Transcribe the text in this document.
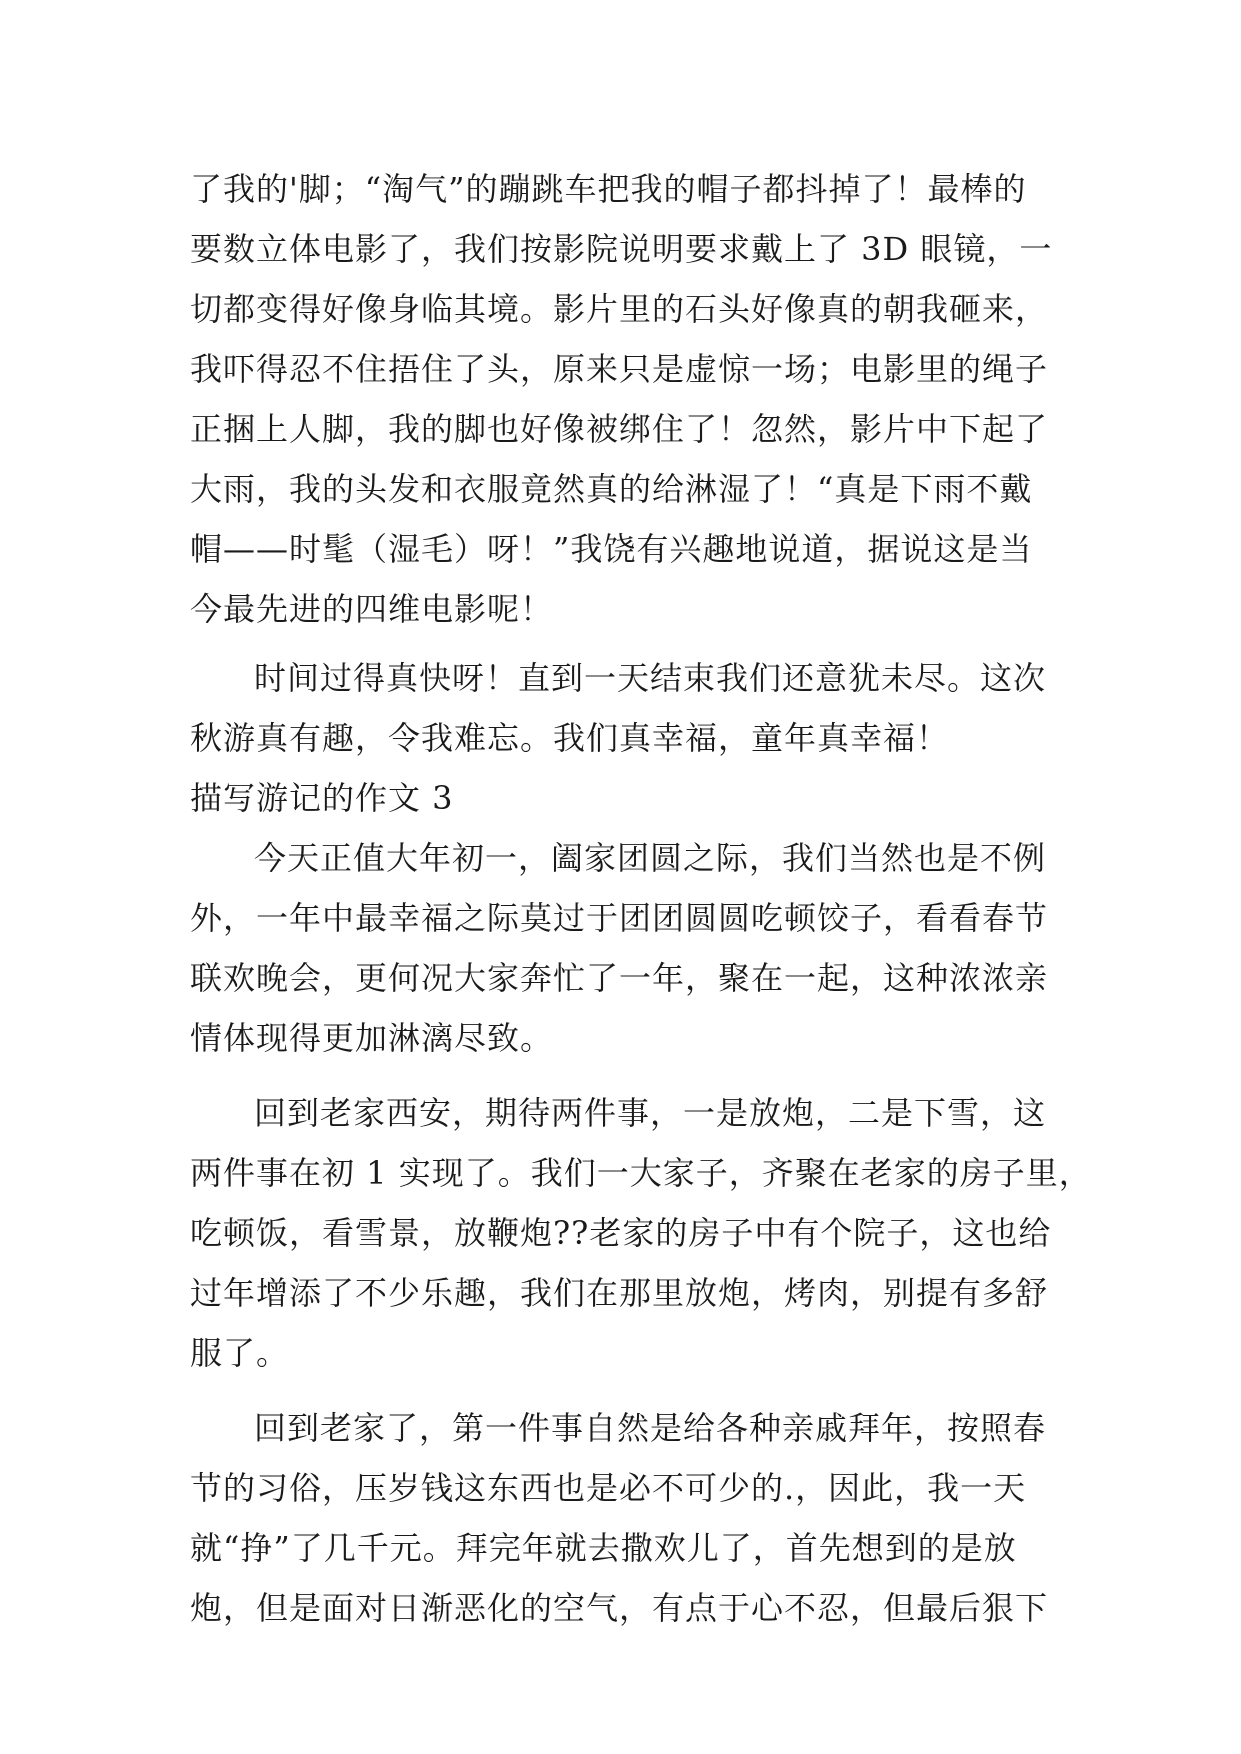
了我的'脚；“淘气”的蹦跳车把我的帽子都抖掉了！最棒的
要数立体电影了，我们按影院说明要求戴上了 3D 眼镜，一
切都变得好像身临其境。影片里的石头好像真的朝我砸来，
我吓得忍不住捂住了头，原来只是虚惊一场；电影里的绳子
正捆上人脚，我的脚也好像被绑住了！忽然，影片中下起了
大雨，我的头发和衣服竟然真的给淋湿了！“真是下雨不戴
帽——时髦（湿毛）呀！”我饶有兴趣地说道，据说这是当
今最先进的四维电影呢！
时间过得真快呀！直到一天结束我们还意犹未尽。这次
秋游真有趣，令我难忘。我们真幸福，童年真幸福！
描写游记的作文 3
今天正值大年初一，阖家团圆之际，我们当然也是不例
外，一年中最幸福之际莫过于团团圆圆吃顿饺子，看看春节
联欢晚会，更何况大家奔忙了一年，聚在一起，这种浓浓亲
情体现得更加淋漓尽致。
回到老家西安，期待两件事，一是放炮，二是下雪，这
两件事在初 1 实现了。我们一大家子，齐聚在老家的房子里，
吃顿饭，看雪景，放鞭炮??老家的房子中有个院子，这也给
过年增添了不少乐趣，我们在那里放炮，烤肉，别提有多舒
服了。
回到老家了，第一件事自然是给各种亲戚拜年，按照春
节的习俗，压岁钱这东西也是必不可少的.，因此，我一天
就“挣”了几千元。拜完年就去撒欢儿了，首先想到的是放
炮，但是面对日渐恶化的空气，有点于心不忍，但最后狠下
